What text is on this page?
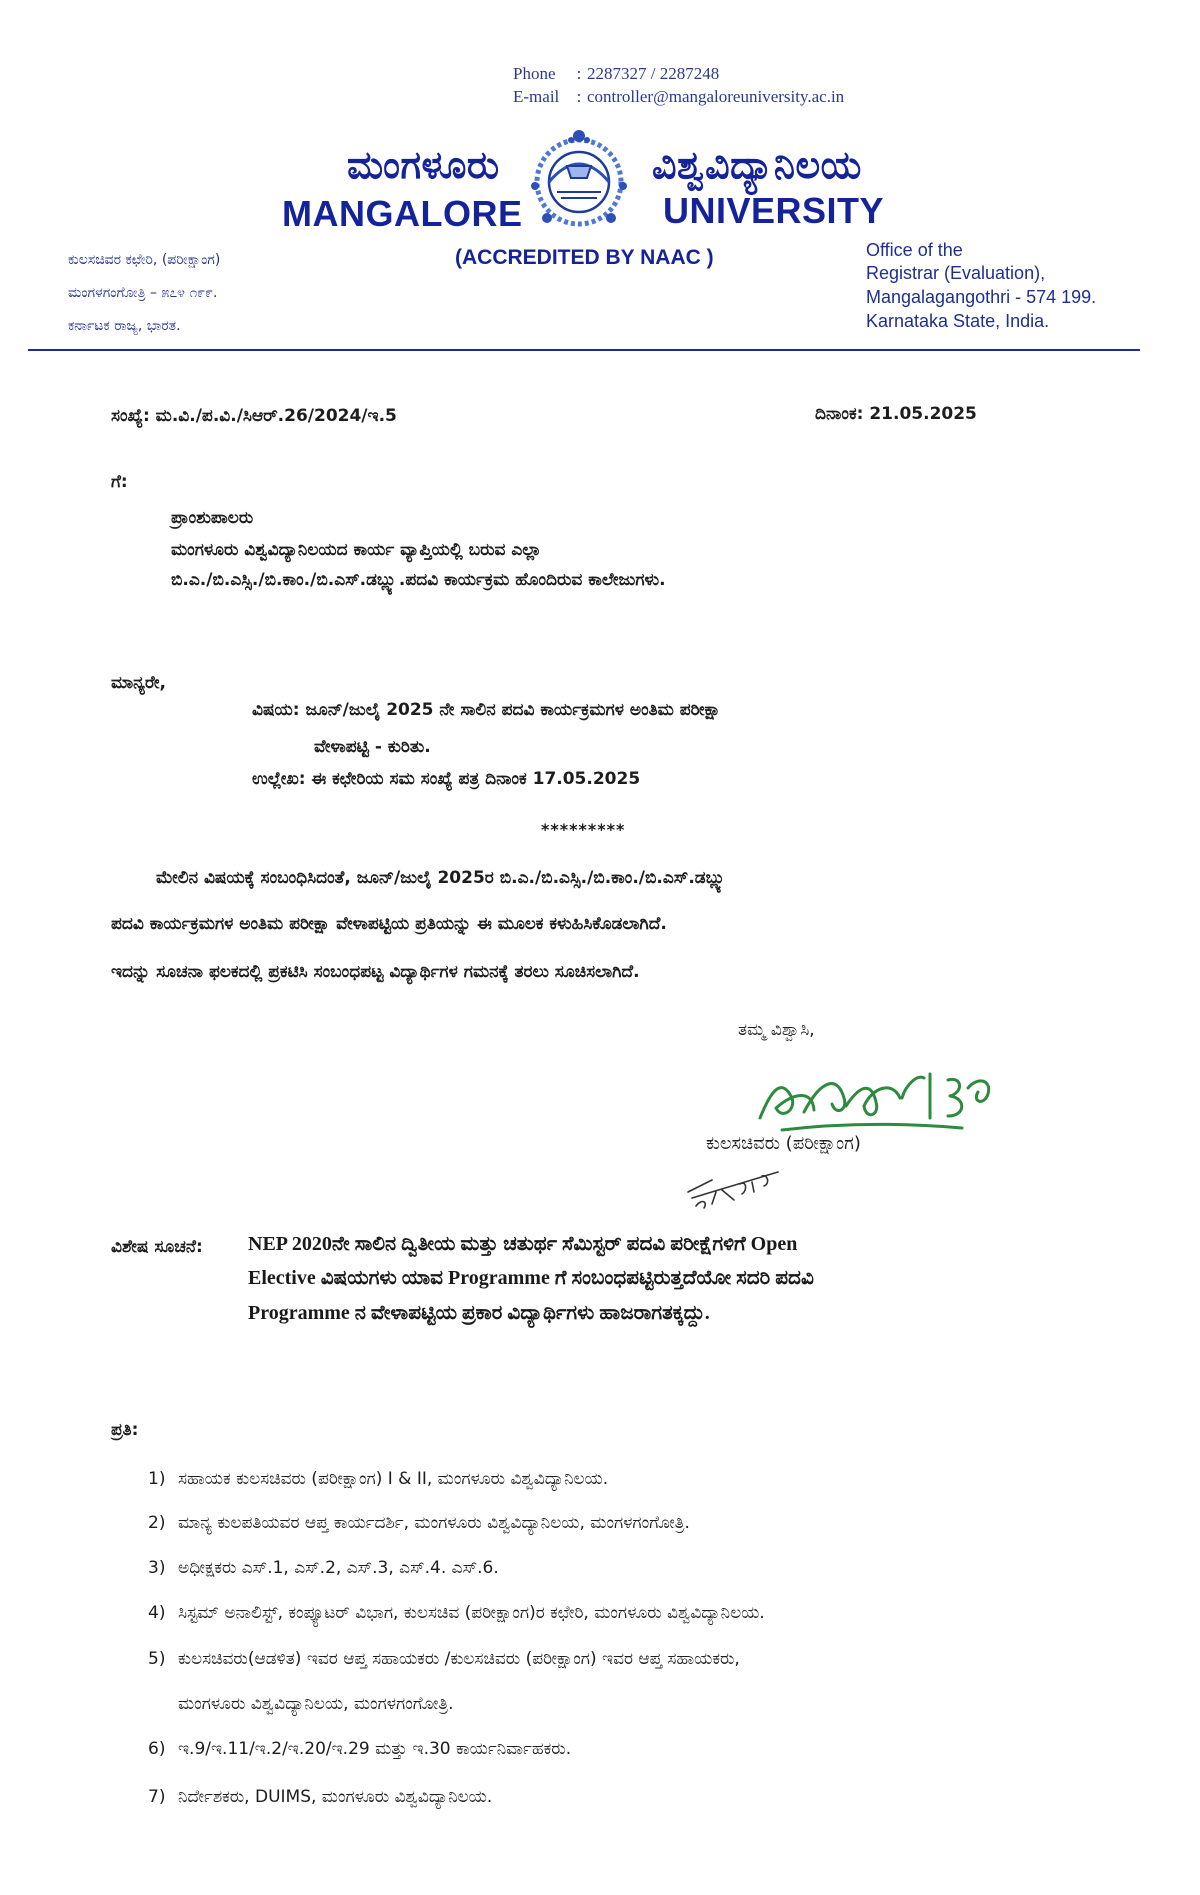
Phone : 2287327 / 2287248
E-mail : controller@mangaloreuniversity.ac.in
ಮಂಗಳೂರು	ವಿಶ್ವವಿದ್ಯಾನಿಲಯ
MANGALORE	UNIVERSITY
(ACCREDITED BY NAAC )
ಕುಲಸಚಿವರ ಕಛೇರಿ, (ಪರೀಕ್ಷಾಂಗ)
ಮಂಗಳಗಂಗೋತ್ರಿ – ೫೭೪ ೧೯೯.
ಕರ್ನಾಟಕ ರಾಜ್ಯ, ಭಾರತ.
Office of the
Registrar (Evaluation),
Mangalagangothri - 574 199.
Karnataka State, India.
ಸಂಖ್ಯೆ: ಮ.ವಿ./ಪ.ವಿ./ಸಿಆರ್.26/2024/ಇ.5	ದಿನಾಂಕ: 21.05.2025
ಗೆ:
ಪ್ರಾಂಶುಪಾಲರು
ಮಂಗಳೂರು ವಿಶ್ವವಿದ್ಯಾನಿಲಯದ ಕಾರ್ಯ ವ್ಯಾಪ್ತಿಯಲ್ಲಿ ಬರುವ ಎಲ್ಲಾ
ಬಿ.ಎ./ಬಿ.ಎಸ್ಸಿ./ಬಿ.ಕಾಂ./ಬಿ.ಎಸ್.ಡಬ್ಲ್ಯು.ಪದವಿ ಕಾರ್ಯಕ್ರಮ ಹೊಂದಿರುವ ಕಾಲೇಜುಗಳು.
ಮಾನ್ಯರೇ,
ವಿಷಯ: ಜೂನ್/ಜುಲೈ 2025 ನೇ ಸಾಲಿನ ಪದವಿ ಕಾರ್ಯಕ್ರಮಗಳ ಅಂತಿಮ ಪರೀಕ್ಷಾ
ವೇಳಾಪಟ್ಟಿ - ಕುರಿತು.
ಉಲ್ಲೇಖ: ಈ ಕಛೇರಿಯ ಸಮ ಸಂಖ್ಯೆ ಪತ್ರ ದಿನಾಂಕ 17.05.2025
*********
ಮೇಲಿನ ವಿಷಯಕ್ಕೆ ಸಂಬಂಧಿಸಿದಂತೆ, ಜೂನ್/ಜುಲೈ 2025ರ ಬಿ.ಎ./ಬಿ.ಎಸ್ಸಿ./ಬಿ.ಕಾಂ./ಬಿ.ಎಸ್.ಡಬ್ಲ್ಯು
ಪದವಿ ಕಾರ್ಯಕ್ರಮಗಳ ಅಂತಿಮ ಪರೀಕ್ಷಾ ವೇಳಾಪಟ್ಟಿಯ ಪ್ರತಿಯನ್ನು ಈ ಮೂಲಕ ಕಳುಹಿಸಿಕೊಡಲಾಗಿದೆ.
ಇದನ್ನು ಸೂಚನಾ ಫಲಕದಲ್ಲಿ ಪ್ರಕಟಿಸಿ ಸಂಬಂಧಪಟ್ಟ ವಿದ್ಯಾರ್ಥಿಗಳ ಗಮನಕ್ಕೆ ತರಲು ಸೂಚಿಸಲಾಗಿದೆ.
ತಮ್ಮ ವಿಶ್ವಾಸಿ,
ಕುಲಸಚಿವರು (ಪರೀಕ್ಷಾಂಗ)
ವಿಶೇಷ ಸೂಚನೆ: NEP 2020ನೇ ಸಾಲಿನ ದ್ವಿತೀಯ ಮತ್ತು ಚತುರ್ಥ ಸೆಮಿಸ್ಟರ್ ಪದವಿ ಪರೀಕ್ಷೆಗಳಿಗೆ Open
Elective ವಿಷಯಗಳು ಯಾವ Programme ಗೆ ಸಂಬಂಧಪಟ್ಟಿರುತ್ತದೆಯೋ ಸದರಿ ಪದವಿ
Programme ನ ವೇಳಾಪಟ್ಟಿಯ ಪ್ರಕಾರ ವಿದ್ಯಾರ್ಥಿಗಳು ಹಾಜರಾಗತಕ್ಕದ್ದು.
ಪ್ರತಿ:
1) ಸಹಾಯಕ ಕುಲಸಚಿವರು (ಪರೀಕ್ಷಾಂಗ) I & II, ಮಂಗಳೂರು ವಿಶ್ವವಿದ್ಯಾನಿಲಯ.
2) ಮಾನ್ಯ ಕುಲಪತಿಯವರ ಆಪ್ತ ಕಾರ್ಯದರ್ಶಿ, ಮಂಗಳೂರು ವಿಶ್ವವಿದ್ಯಾನಿಲಯ, ಮಂಗಳಗಂಗೋತ್ರಿ.
3) ಅಧೀಕ್ಷಕರು ಎಸ್.1, ಎಸ್.2, ಎಸ್.3, ಎಸ್.4. ಎಸ್.6.
4) ಸಿಸ್ಟಮ್ ಅನಾಲಿಸ್ಟ್, ಕಂಪ್ಯೂಟರ್ ವಿಭಾಗ, ಕುಲಸಚಿವ (ಪರೀಕ್ಷಾಂಗ)ರ ಕಛೇರಿ, ಮಂಗಳೂರು ವಿಶ್ವವಿದ್ಯಾನಿಲಯ.
5) ಕುಲಸಚಿವರು(ಆಡಳಿತ) ಇವರ ಆಪ್ತ ಸಹಾಯಕರು /ಕುಲಸಚಿವರು (ಪರೀಕ್ಷಾಂಗ) ಇವರ ಆಪ್ತ ಸಹಾಯಕರು,
ಮಂಗಳೂರು ವಿಶ್ವವಿದ್ಯಾನಿಲಯ, ಮಂಗಳಗಂಗೋತ್ರಿ.
6) ಇ.9/ಇ.11/ಇ.2/ಇ.20/ಇ.29 ಮತ್ತು ಇ.30 ಕಾರ್ಯನಿರ್ವಾಹಕರು.
7) ನಿರ್ದೇಶಕರು, DUIMS, ಮಂಗಳೂರು ವಿಶ್ವವಿದ್ಯಾನಿಲಯ.
